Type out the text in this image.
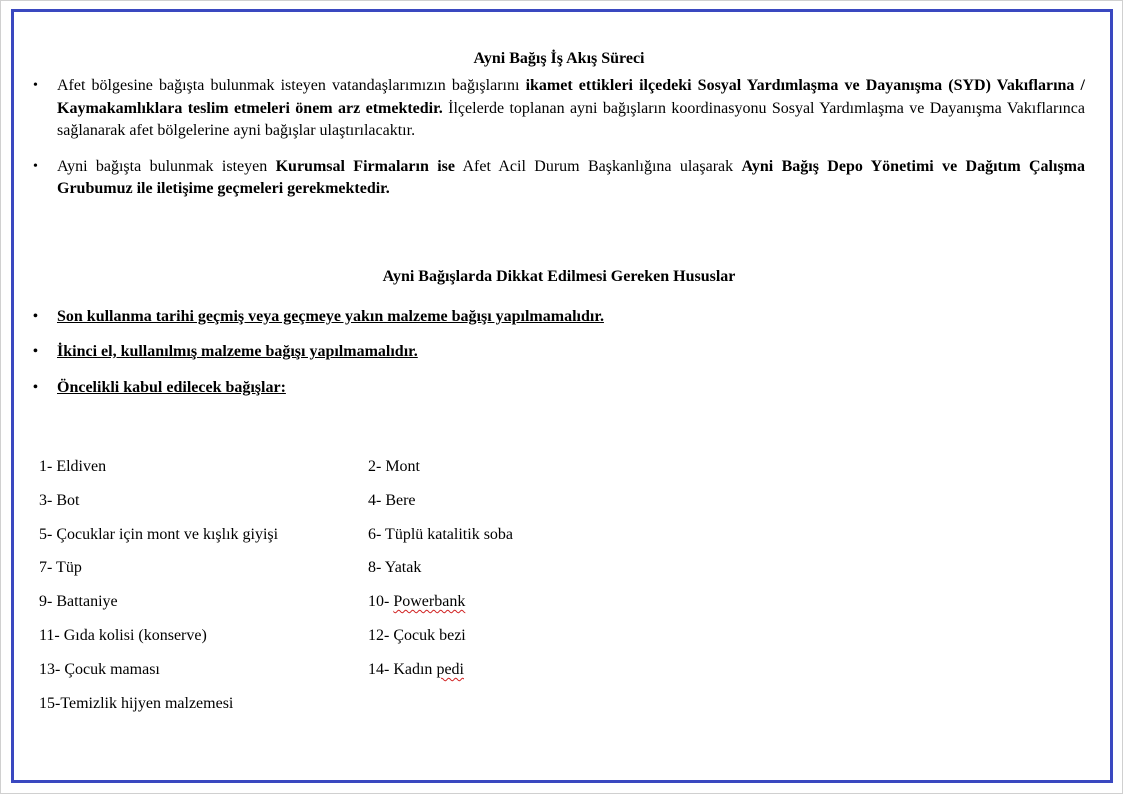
Ayni Bağış İş Akış Süreci

• Afet bölgesine bağışta bulunmak isteyen vatandaşlarımızın bağışlarını ikamet ettikleri ilçedeki Sosyal Yardımlaşma ve Dayanışma (SYD) Vakıflarına / Kaymakamlıklara teslim etmeleri önem arz etmektedir. İlçelerde toplanan ayni bağışların koordinasyonu Sosyal Yardımlaşma ve Dayanışma Vakıflarınca sağlanarak afet bölgelerine ayni bağışlar ulaştırılacaktır.
• Ayni bağışta bulunmak isteyen Kurumsal Firmaların ise Afet Acil Durum Başkanlığına ulaşarak Ayni Bağış Depo Yönetimi ve Dağıtım Çalışma Grubumuz ile iletişime geçmeleri gerekmektedir.

Ayni Bağışlarda Dikkat Edilmesi Gereken Hususlar

• Son kullanma tarihi geçmiş veya geçmeye yakın malzeme bağışı yapılmamalıdır.
• İkinci el, kullanılmış malzeme bağışı yapılmamalıdır.
• Öncelikli kabul edilecek bağışlar:
1- Eldiven	2- Mont
3- Bot	4- Bere
5- Çocuklar için mont ve kışlık giyişi	6- Tüplü katalitik soba
7- Tüp	8- Yatak
9- Battaniye	10- Powerbank
11- Gıda kolisi (konserve)	12- Çocuk bezi
13- Çocuk maması	14- Kadın pedi
15-Temizlik hijyen malzemesi
